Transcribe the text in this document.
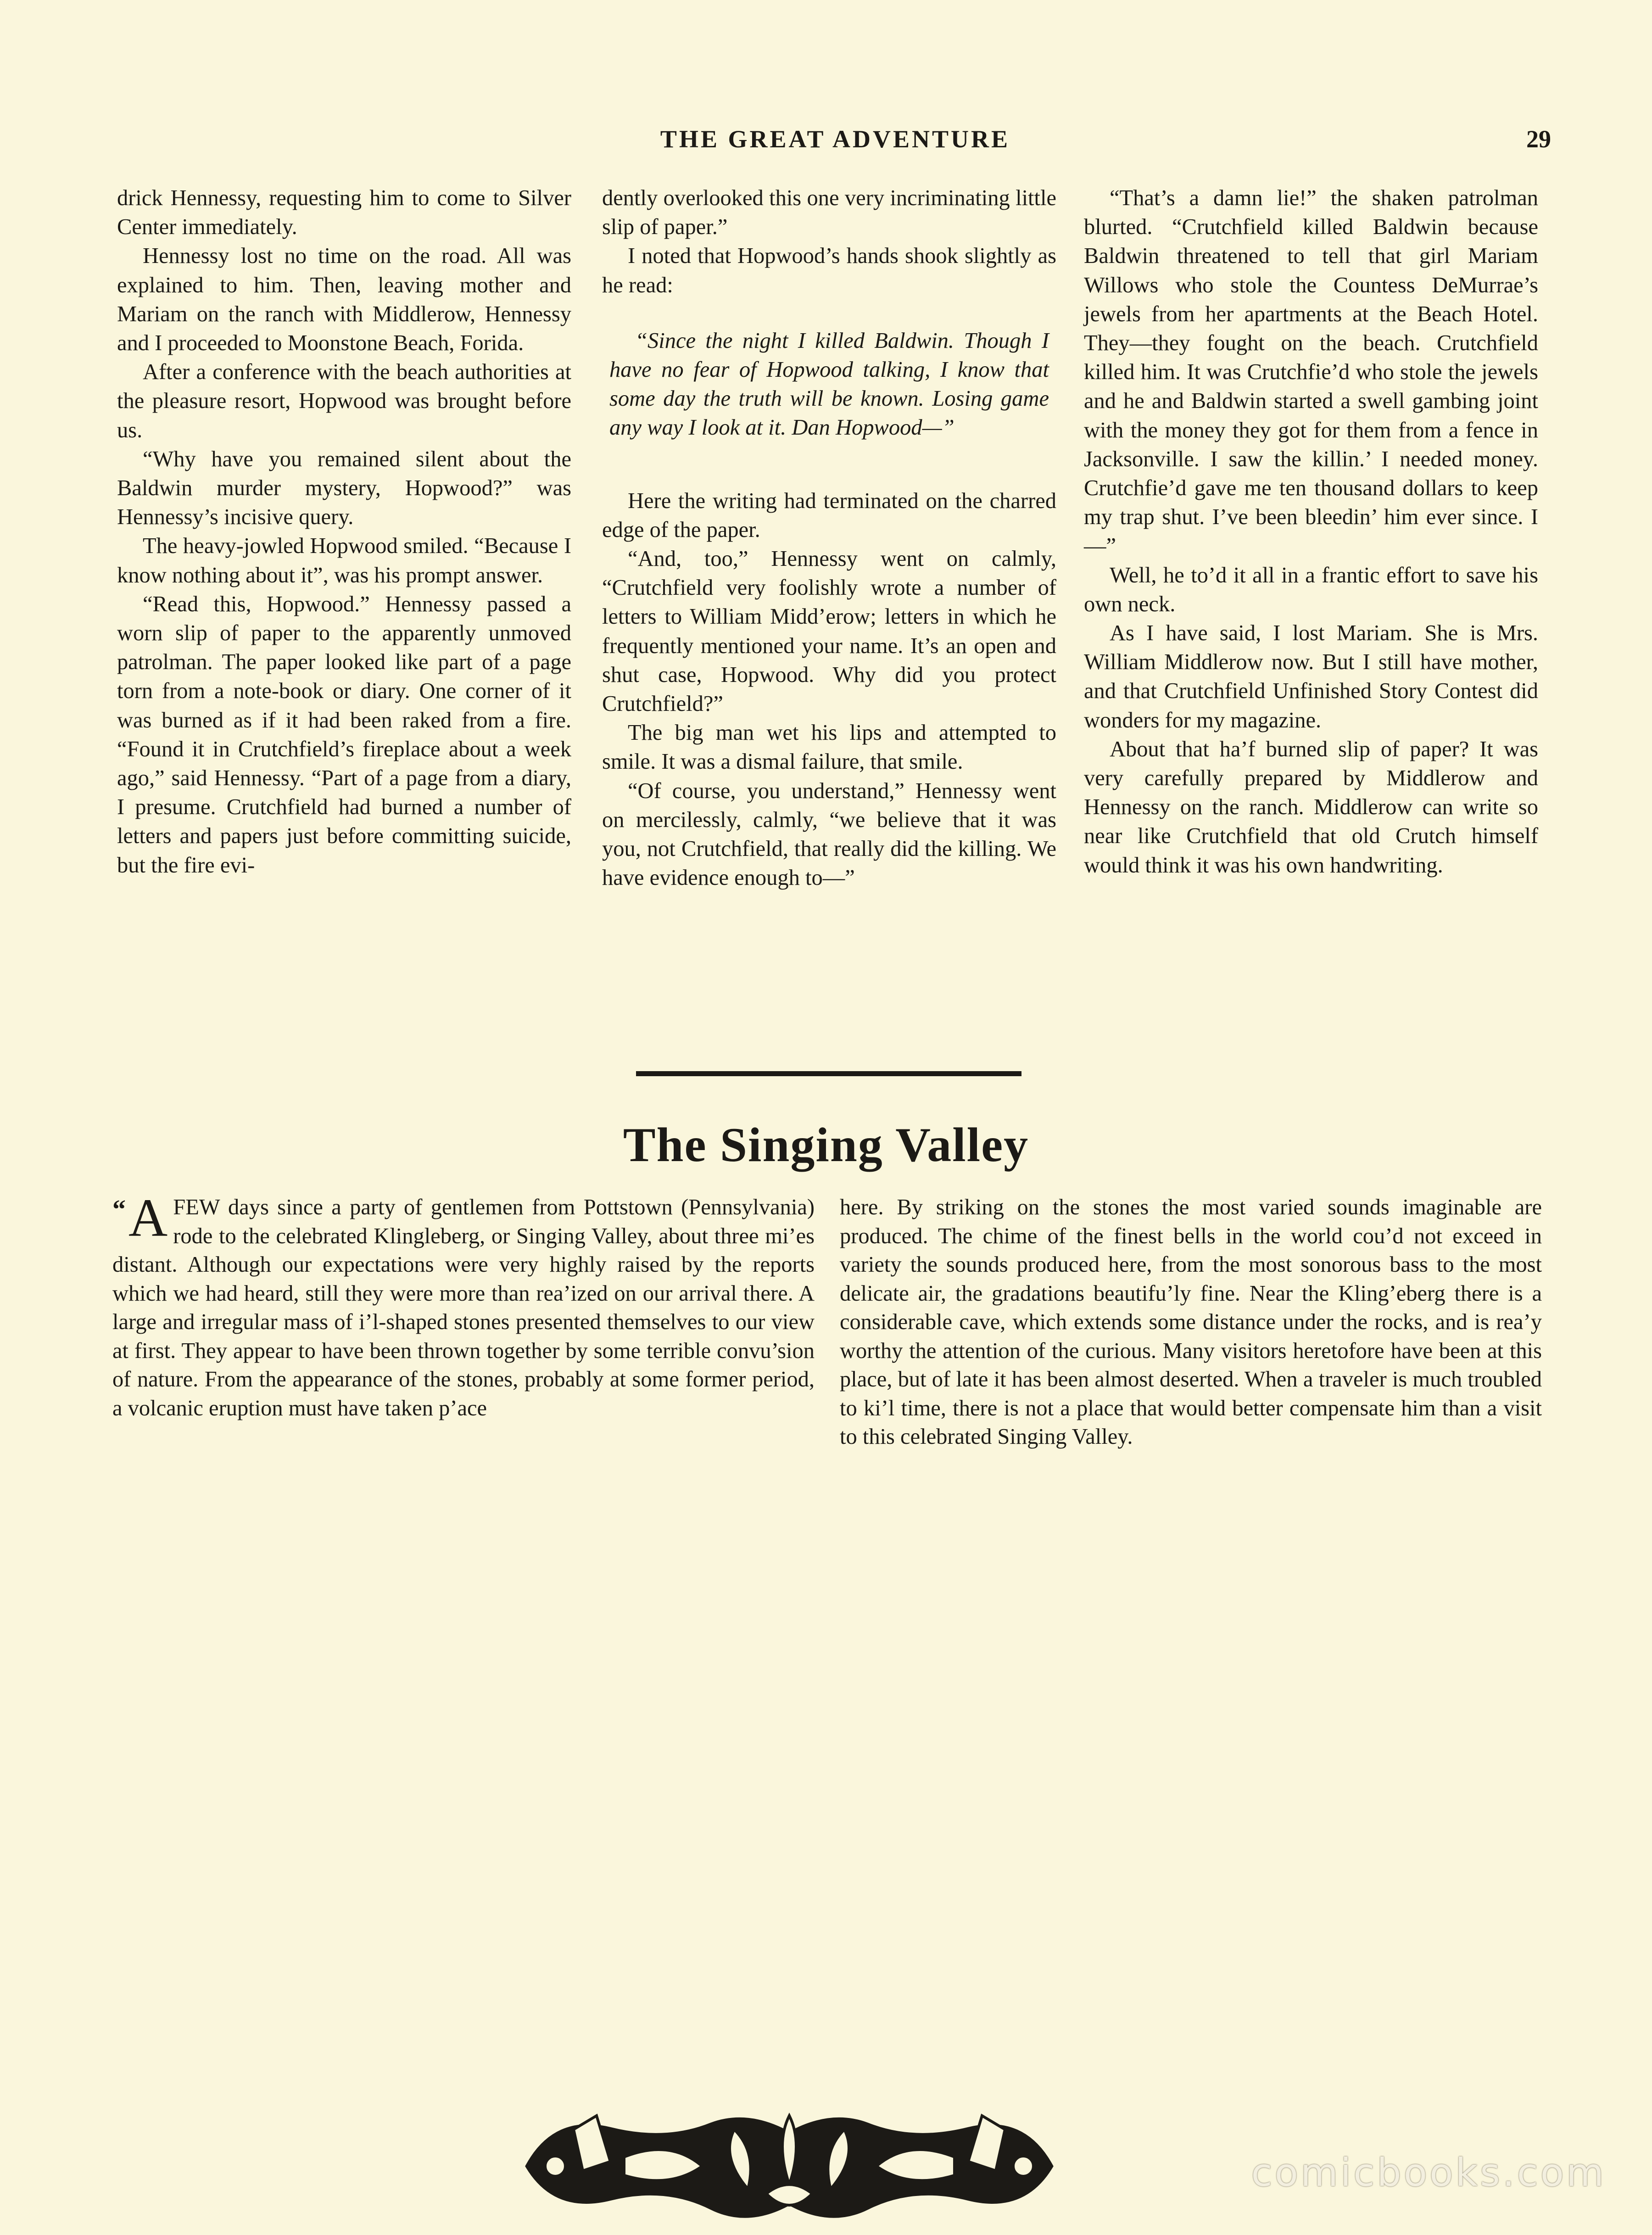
THE GREAT ADVENTURE	29

drick Hennessy, requesting him to come to Silver Center immediately.

Hennessy lost no time on the road. All was explained to him. Then, leaving mother and Mariam on the ranch with Middlerow, Hennessy and I proceeded to Moonstone Beach, Forida.

After a conference with the beach authorities at the pleasure resort, Hopwood was brought before us.

“Why have you remained silent about the Baldwin murder mystery, Hopwood?” was Hennessy’s incisive query.

The heavy-jowled Hopwood smiled. “Because I know nothing about it”, was his prompt answer.

“Read this, Hopwood.” Hennessy passed a worn slip of paper to the apparently unmoved patrolman. The paper looked like part of a page torn from a note-book or diary. One corner of it was burned as if it had been raked from a fire. “Found it in Crutchfield’s fireplace about a week ago,” said Hennessy. “Part of a page from a diary, I presume. Crutchfield had burned a number of letters and papers just before committing suicide, but the fire evi-

dently overlooked this one very incriminating little slip of paper.”

I noted that Hopwood’s hands shook slightly as he read:

“Since the night I killed Baldwin. Though I have no fear of Hopwood talking, I know that some day the truth will be known. Losing game any way I look at it. Dan Hopwood—”

Here the writing had terminated on the charred edge of the paper.

“And, too,” Hennessy went on calmly, “Crutchfield very foolishly wrote a number of letters to William Midd’erow; letters in which he frequently mentioned your name. It’s an open and shut case, Hopwood. Why did you protect Crutchfield?”

The big man wet his lips and attempted to smile. It was a dismal failure, that smile.

“Of course, you understand,” Hennessy went on mercilessly, calmly, “we believe that it was you, not Crutchfield, that really did the killing. We have evidence enough to—”

“That’s a damn lie!” the shaken patrolman blurted. “Crutchfield killed Baldwin because Baldwin threatened to tell that girl Mariam Willows who stole the Countess DeMurrae’s jewels from her apartments at the Beach Hotel. They—they fought on the beach. Crutchfield killed him. It was Crutchfie’d who stole the jewels and he and Baldwin started a swell gambing joint with the money they got for them from a fence in Jacksonville. I saw the killin.’ I needed money. Crutchfie’d gave me ten thousand dollars to keep my trap shut. I’ve been bleedin’ him ever since. I—”

Well, he to’d it all in a frantic effort to save his own neck.

As I have said, I lost Mariam. She is Mrs. William Middlerow now. But I still have mother, and that Crutchfield Unfinished Story Contest did wonders for my magazine.

About that ha’f burned slip of paper? It was very carefully prepared by Middlerow and Hennessy on the ranch. Middlerow can write so near like Crutchfield that old Crutch himself would think it was his own handwriting.

The Singing Valley

“ A FEW days since a party of gentlemen from Pottstown (Pennsylvania) rode to the celebrated Klingleberg, or Singing Valley, about three mi’es distant. Although our expectations were very highly raised by the reports which we had heard, still they were more than rea’ized on our arrival there. A large and irregular mass of i’l-shaped stones presented themselves to our view at first. They appear to have been thrown together by some terrible convu’sion of nature. From the appearance of the stones, probably at some former period, a volcanic eruption must have taken p’ace

here. By striking on the stones the most varied sounds imaginable are produced. The chime of the finest bells in the world cou’d not exceed in variety the sounds produced here, from the most sonorous bass to the most delicate air, the gradations beautifu’ly fine. Near the Kling’eberg there is a considerable cave, which extends some distance under the rocks, and is rea’y worthy the attention of the curious. Many visitors heretofore have been at this place, but of late it has been almost deserted. When a traveler is much troubled to ki’l time, there is not a place that would better compensate him than a visit to this celebrated Singing Valley.

comicbooks.com
